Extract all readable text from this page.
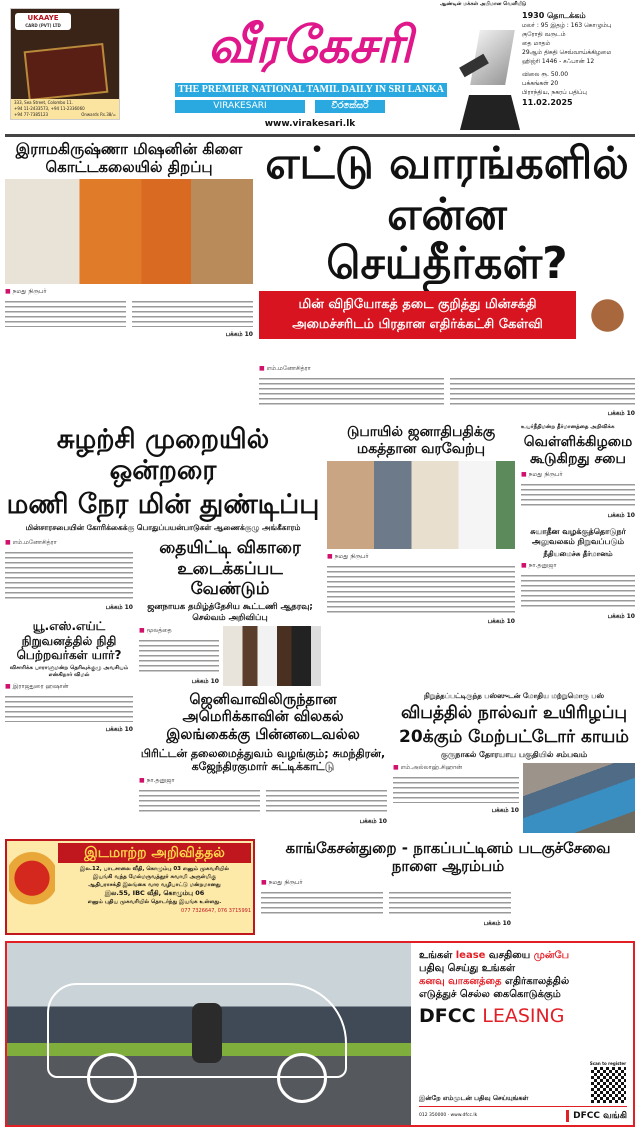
UKAAYE
CARD (PVT) LTD
333, Sea Street, Colombo 11.
+94 11-2433573, +94 11-2336060
+94 77-7385123	Onwards Rs.38/=
வீரகேசரி
THE PREMIER NATIONAL TAMIL DAILY IN SRI LANKA
VIRAKESARI	වීරකේසරී
www.virakesari.lk
ஆண்டின் மக்கள் அபிமான வெளியீடு
1930 தொடக்கம்
மலர் : 95 இதழ் : 163 கொழும்பு
குரோதி வருடம்
தை மாதம்
29ஆம் திகதி செவ்வாய்க்கிழமை
ஹிஜ்ரி 1446 - சஃபான் 12
விலை ரூ. 50.00
பக்கங்கள் 20
பிராந்திய, நகரப் பதிப்பு
11.02.2025
இராமகிருஷ்ணா மிஷனின் கிளை கொட்டகலையில் திறப்பு
■ நமது நிருபர்
பக்கம் 10
எட்டு வாரங்களில்
என்ன செய்தீர்கள்?
மின் விநியோகத் தடை குறித்து மின்சக்தி அமைச்சரிடம் பிரதான எதிர்க்கட்சி கேள்வி
■ எம்.மனோசித்ரா
பக்கம் 10
சுழற்சி முறையில் ஒன்றரை
மணி நேர மின் துண்டிப்பு
மின்சாரசபையின் கோரிக்கைக்கு பொதுப்பயன்பாடுகள் ஆணைக்குழு அங்கீகாரம்
டுபாயில் ஜனாதிபதிக்கு மகத்தான வரவேற்பு
■ நமது நிருபர்
பக்கம் 10
உயர்நீதிமன்ற தீர்மானத்தை அறிவிக்க
வெள்ளிக்கிழமை கூடுகிறது சபை
■ நமது நிருபர்
பக்கம் 10
சுயாதீன வழக்குத்தொடுநர் அலுவலகம் நிறுவப்படும்
நீதியமைச்சு தீர்மானம்
■ நா.தனுஜா
பக்கம் 10
■ எம்.மனோசித்ரா
பக்கம் 10
யூ.எஸ்.எய்ட் நிறுவனத்தில் நிதி பெற்றவர்கள் யார்?
விசாரிக்க பாராளுமன்ற தெரிவுக்குழு அவசியம் என்கிறார் விமல்
■ இராஜதுரை ஹஷான்
பக்கம் 10
தையிட்டி விகாரை உடைக்கப்பட வேண்டும்
ஜனநாயக தமிழ்த்தேசிய கூட்டணி ஆதரவு; செல்வம் அறிவிப்பு
■ மூலத்தை
பக்கம் 10
ஜெனிவாவிலிருந்தான அமெரிக்காவின் விலகல் இலங்கைக்கு பின்னடைவல்ல
பிரிட்டன் தலைமைத்துவம் வழங்கும்; சுமந்திரன், கஜேந்திரகுமார் சுட்டிக்காட்டு
■ நா.தனுஜா
பக்கம் 10
நிறுத்தப்பட்டிருந்த பஸ்ஸுடன் மோதிய மற்றுமொரு பஸ்
விபத்தில் நால்வர் உயிரிழப்பு
20க்கும் மேற்பட்டோர் காயம்
குருநாகல் தோரயாய பகுதியில் சம்பவம்
■ எம்.அல்லாஹ்.சிஹான்
பக்கம் 10
இடமாற்ற அறிவித்தல்
இல.12, பாடசாலை வீதி, கொழும்பு 03 எனும் முகவரியில்
இயங்கி வந்த மேல்மருவத்தூர் சுவாமி அருள்மிகு
ஆதிபராசக்தி இலங்கை வார வழிபாட்டு மன்றமானது
இல.55, IBC வீதி, கொழும்பு 06
எனும் புதிய முகவரியில் தொடர்ந்து இயங்க உள்ளது.
077 7326647, 076 3715991
காங்கேசன்துறை - நாகப்பட்டினம் படகுச்சேவை நாளை ஆரம்பம்
■ நமது நிருபர்
பக்கம் 10
உங்கள் lease வசதியை முன்பே
பதிவு செய்து உங்கள்
கனவு வாகனத்தை எதிர்காலத்தில்
எடுத்துச் செல்ல கைகொடுக்கும்
DFCC LEASING
இன்றே எம்முடன் பதிவு செய்யுங்கள்
Scan to register
012 350000 · www.dfcc.lk	DFCC வங்கி
